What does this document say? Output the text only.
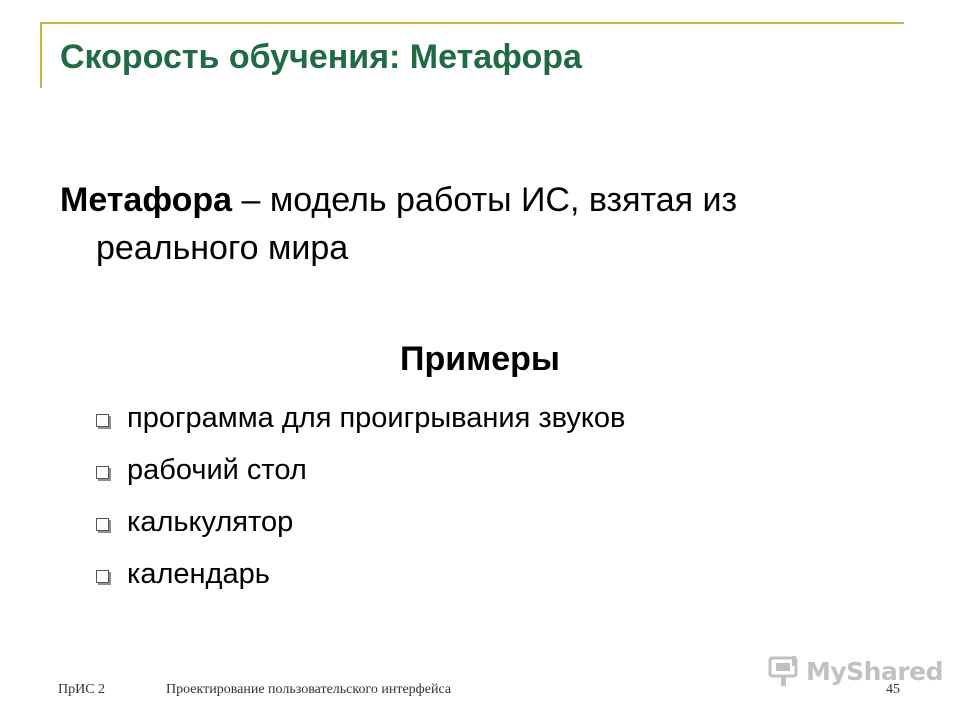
Скорость обучения: Метафора
Метафора – модель работы ИС, взятая из
реального мира
Примеры
программа для проигрывания звуков
рабочий стол
калькулятор
календарь
ПрИС 2	Проектирование пользовательского интерфейса	45
MyShared
